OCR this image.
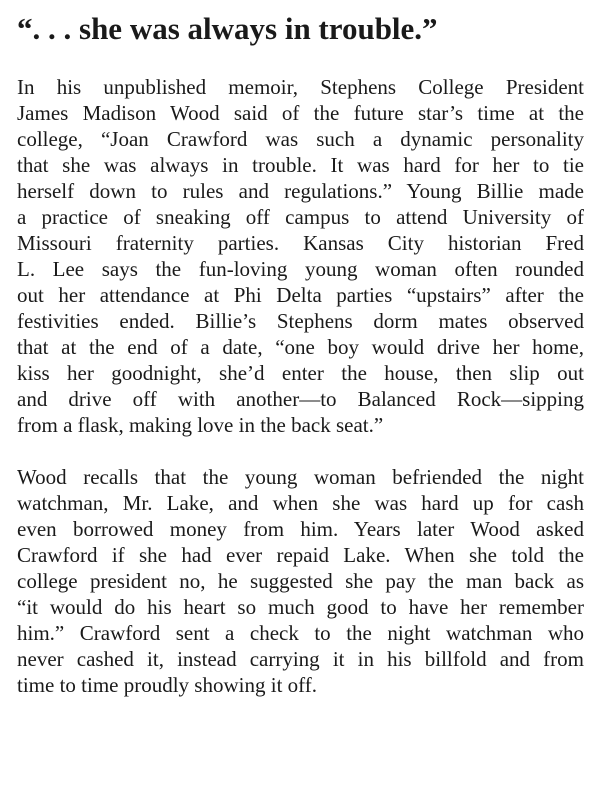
“. . . she was always in trouble.”

In his unpublished memoir, Stephens College President
James Madison Wood said of the future star’s time at the
college, “Joan Crawford was such a dynamic personality
that she was always in trouble. It was hard for her to tie
herself down to rules and regulations.” Young Billie made
a practice of sneaking off campus to attend University of
Missouri fraternity parties. Kansas City historian Fred
L. Lee says the fun-loving young woman often rounded
out her attendance at Phi Delta parties “upstairs” after the
festivities ended. Billie’s Stephens dorm mates observed
that at the end of a date, “one boy would drive her home,
kiss her goodnight, she’d enter the house, then slip out
and drive off with another—to Balanced Rock—sipping
from a flask, making love in the back seat.”

Wood recalls that the young woman befriended the night
watchman, Mr. Lake, and when she was hard up for cash
even borrowed money from him. Years later Wood asked
Crawford if she had ever repaid Lake. When she told the
college president no, he suggested she pay the man back as
“it would do his heart so much good to have her remember
him.” Crawford sent a check to the night watchman who
never cashed it, instead carrying it in his billfold and from
time to time proudly showing it off.
